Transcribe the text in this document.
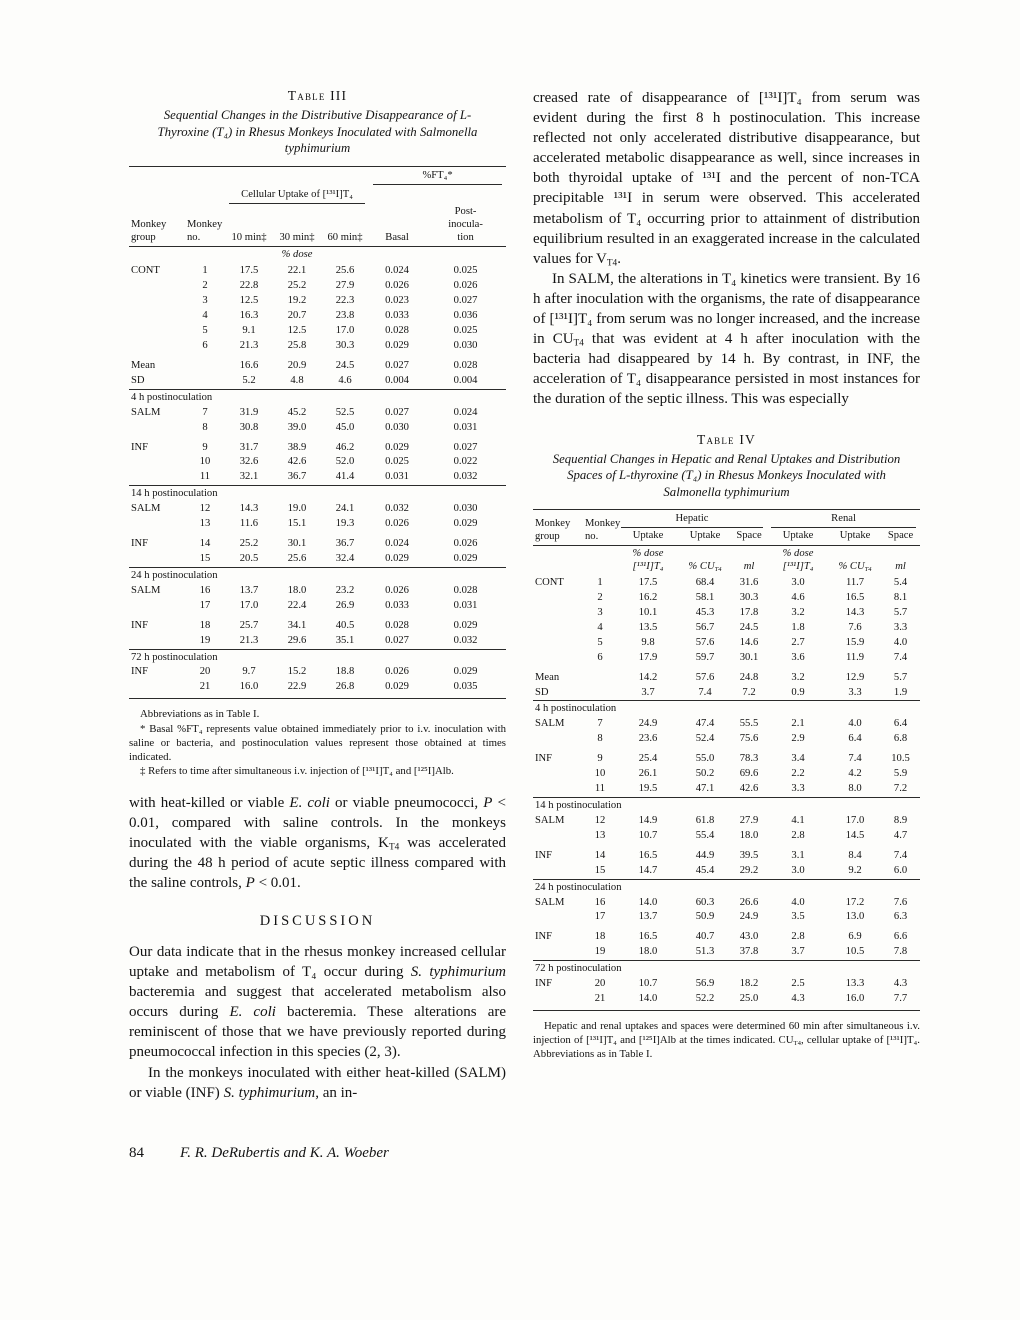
Table III
Sequential Changes in the Distributive Disappearance of L-Thyroxine (T₄) in Rhesus Monkeys Inoculated with Salmonella typhimurium

					%FT₄*	

		Cellular Uptake of [¹³¹I]T₄				

Monkey
group	Monkey
no.	10 min‡	30 min‡	60 min‡	Basal	Post-
inocula-
tion
		% dose				
CONT	1	17.5	22.1	25.6	0.024	0.025
	2	22.8	25.2	27.9	0.026	0.026
	3	12.5	19.2	22.3	0.023	0.027
	4	16.3	20.7	23.8	0.033	0.036
	5	9.1	12.5	17.0	0.028	0.025
	6	21.3	25.8	30.3	0.029	0.030
Mean		16.6	20.9	24.5	0.027	0.028
SD		5.2	4.8	4.6	0.004	0.004
4 h postinoculation						
SALM	7	31.9	45.2	52.5	0.027	0.024
	8	30.8	39.0	45.0	0.030	0.031
INF	9	31.7	38.9	46.2	0.029	0.027
	10	32.6	42.6	52.0	0.025	0.022
	11	32.1	36.7	41.4	0.031	0.032
14 h postinoculation						
SALM	12	14.3	19.0	24.1	0.032	0.030
	13	11.6	15.1	19.3	0.026	0.029
INF	14	25.2	30.1	36.7	0.024	0.026
	15	20.5	25.6	32.4	0.029	0.029
24 h postinoculation						
SALM	16	13.7	18.0	23.2	0.026	0.028
	17	17.0	22.4	26.9	0.033	0.031
INF	18	25.7	34.1	40.5	0.028	0.029
	19	21.3	29.6	35.1	0.027	0.032
72 h postinoculation						
INF	20	9.7	15.2	18.8	0.026	0.029
	21	16.0	22.9	26.8	0.029	0.035

Abbreviations as in Table I.

* Basal %FT₄ represents value obtained immediately prior to i.v. inoculation with saline or bacteria, and postinoculation values represent those obtained at times indicated.

‡ Refers to time after simultaneous i.v. injection of [¹³¹I]T₄ and [¹²⁵I]Alb.

with heat-killed or viable E. coli or viable pneumococci, P < 0.01, compared with saline controls. In the monkeys inoculated with the viable organisms, $K_{T4}$ was accelerated during the 48 h period of acute septic illness compared with the saline controls, P < 0.01.

DISCUSSION

Our data indicate that in the rhesus monkey increased cellular uptake and metabolism of T₄ occur during S. typhimurium bacteremia and suggest that accelerated metabolism also occurs during E. coli bacteremia. These alterations are reminiscent of those that we have previously reported during pneumococcal infection in this species (2, 3).

In the monkeys inoculated with either heat-killed (SALM) or viable (INF) S. typhimurium, an in-

creased rate of disappearance of [¹³¹I]T₄ from serum was evident during the first 8 h postinoculation. This increase reflected not only accelerated distributive disappearance, but accelerated metabolic disappearance as well, since increases in both thyroidal uptake of ¹³¹I and the percent of non-TCA precipitable ¹³¹I in serum were observed. This accelerated metabolism of T₄ occurring prior to attainment of distribution equilibrium resulted in an exaggerated increase in the calculated values for $V_{T4}$.

In SALM, the alterations in T₄ kinetics were transient. By 16 h after inoculation with the organisms, the rate of disappearance of [¹³¹I]T₄ from serum was no longer increased, and the increase in $CU_{T4}$ that was evident at 4 h after inoculation with the bacteria had disappeared by 14 h. By contrast, in INF, the acceleration of T₄ disappearance persisted in most instances for the duration of the septic illness. This was especially

Table IV
Sequential Changes in Hepatic and Renal Uptakes and Distribution Spaces of L-thyroxine (T₄) in Rhesus Monkeys Inoculated with Salmonella typhimurium
Monkey
group	Monkey
no.	Hepatic			Renal		

		Uptake	Uptake	Space	Uptake	Uptake	Space
		% dose
[¹³¹I]T₄	% $CU_{T4}$	ml	% dose
[¹³¹I]T₄	% $CU_{T4}$	ml
CONT	1	17.5	68.4	31.6	3.0	11.7	5.4
	2	16.2	58.1	30.3	4.6	16.5	8.1
	3	10.1	45.3	17.8	3.2	14.3	5.7
	4	13.5	56.7	24.5	1.8	7.6	3.3
	5	9.8	57.6	14.6	2.7	15.9	4.0
	6	17.9	59.7	30.1	3.6	11.9	7.4
Mean		14.2	57.6	24.8	3.2	12.9	5.7
SD		3.7	7.4	7.2	0.9	3.3	1.9
4 h postinoculation							
SALM	7	24.9	47.4	55.5	2.1	4.0	6.4
	8	23.6	52.4	75.6	2.9	6.4	6.8
INF	9	25.4	55.0	78.3	3.4	7.4	10.5
	10	26.1	50.2	69.6	2.2	4.2	5.9
	11	19.5	47.1	42.6	3.3	8.0	7.2
14 h postinoculation							
SALM	12	14.9	61.8	27.9	4.1	17.0	8.9
	13	10.7	55.4	18.0	2.8	14.5	4.7
INF	14	16.5	44.9	39.5	3.1	8.4	7.4
	15	14.7	45.4	29.2	3.0	9.2	6.0
24 h postinoculation							
SALM	16	14.0	60.3	26.6	4.0	17.2	7.6
	17	13.7	50.9	24.9	3.5	13.0	6.3
INF	18	16.5	40.7	43.0	2.8	6.9	6.6
	19	18.0	51.3	37.8	3.7	10.5	7.8
72 h postinoculation							
INF	20	10.7	56.9	18.2	2.5	13.3	4.3
	21	14.0	52.2	25.0	4.3	16.0	7.7

Hepatic and renal uptakes and spaces were determined 60 min after simultaneous i.v. injection of [¹³¹I]T₄ and [¹²⁵I]Alb at the times indicated. $CU_{T4}$, cellular uptake of [¹³¹I]T₄. Abbreviations as in Table I.

84 F. R. DeRubertis and K. A. Woeber
